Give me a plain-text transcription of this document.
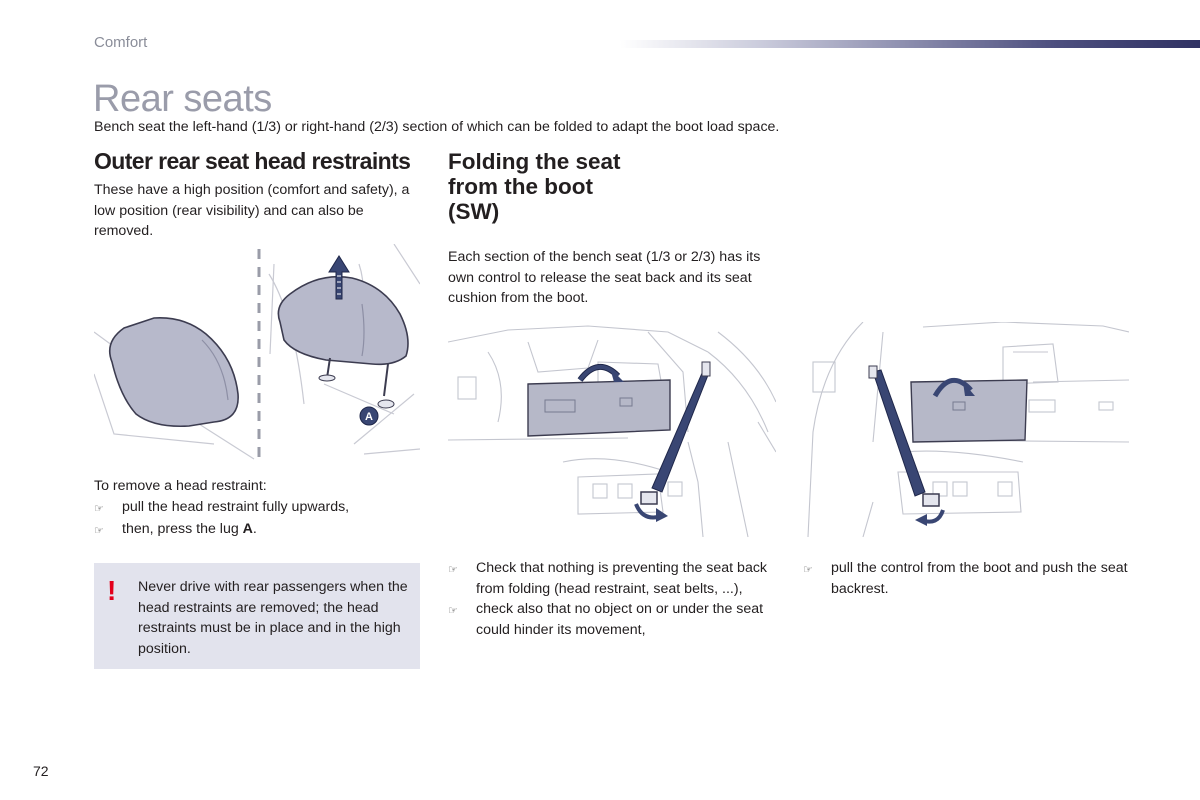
Comfort
Rear seats
Bench seat the left-hand (1/3) or right-hand (2/3) section of which can be folded to adapt the boot load space.
Outer rear seat head restraints
These have a high position (comfort and safety), a low position (rear visibility) and can also be removed.
A
To remove a head restraint:
☞	pull the head restraint fully upwards,
☞	then, press the lug A.
! Never drive with rear passengers when the head restraints are removed; the head restraints must be in place and in the high position.
Folding the seat
from the boot
(SW)
Each section of the bench seat (1/3 or 2/3) has its own control to release the seat back and its seat cushion from the boot.
☞	Check that nothing is preventing the seat back from folding (head restraint, seat belts, ...),
☞	check also that no object on or under the seat could hinder its movement,
☞	pull the control from the boot and push the seat backrest.
72
